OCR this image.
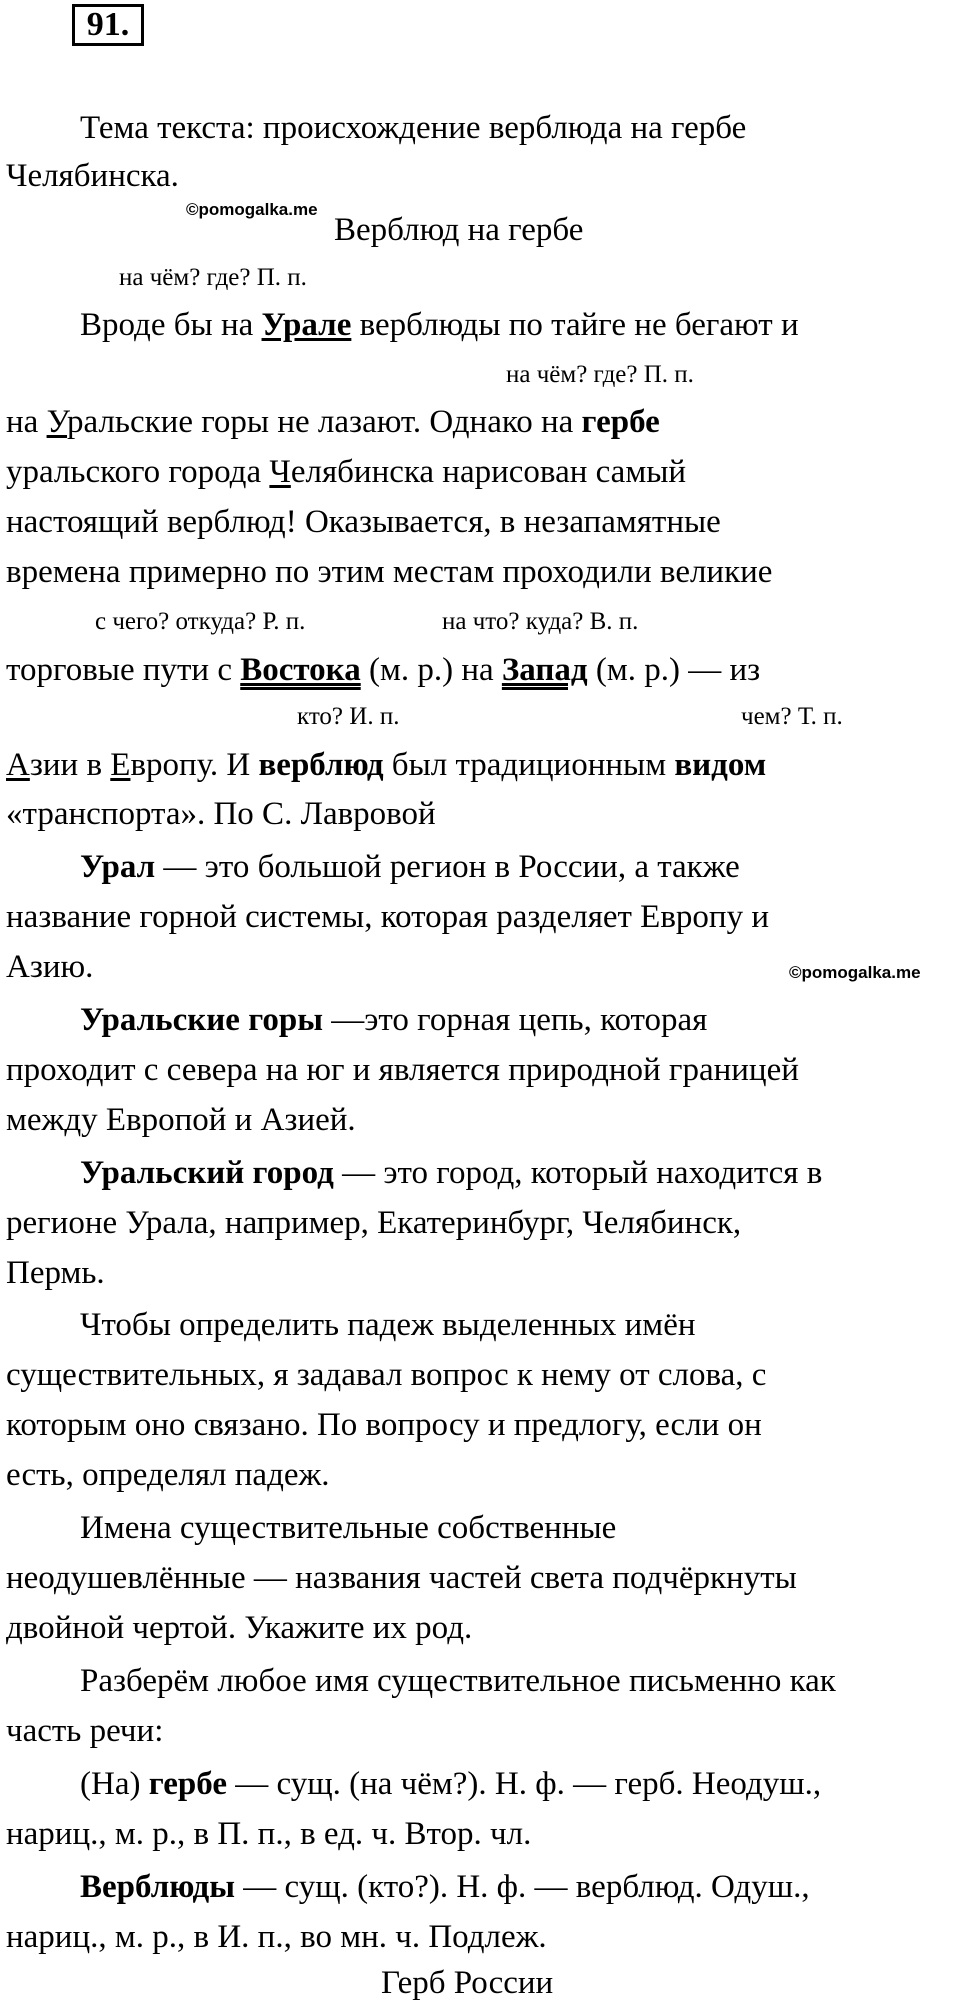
91.
Тема текста: происхождение верблюда на гербе
Челябинска.
©pomogalka.me
Верблюд на гербе
на чём? где? П. п.
Вроде бы на Урале верблюды по тайге не бегают и
на чём? где? П. п.
на Уральские горы не лазают. Однако на гербе
уральского города Челябинска нарисован самый
настоящий верблюд! Оказывается, в незапамятные
времена примерно по этим местам проходили великие
с чего? откуда? Р. п.	на что? куда? В. п.
торговые пути с Востока (м. р.) на Запад (м. р.) — из
кто? И. п.	чем? Т. п.
Азии в Европу. И верблюд был традиционным видом
«транспорта». По С. Лавровой
Урал — это большой регион в России, а также
название горной системы, которая разделяет Европу и
Азию.	©pomogalka.me
Уральские горы —это горная цепь, которая
проходит с севера на юг и является природной границей
между Европой и Азией.
Уральский город — это город, который находится в
регионе Урала, например, Екатеринбург, Челябинск,
Пермь.
Чтобы определить падеж выделенных имён
существительных, я задавал вопрос к нему от слова, с
которым оно связано. По вопросу и предлогу, если он
есть, определял падеж.
Имена существительные собственные
неодушевлённые — названия частей света подчёркнуты
двойной чертой. Укажите их род.
Разберём любое имя существительное письменно как
часть речи:
(На) гербе — сущ. (на чём?). Н. ф. — герб. Неодуш.,
нариц., м. р., в П. п., в ед. ч. Втор. чл.
Верблюды — сущ. (кто?). Н. ф. — верблюд. Одуш.,
нариц., м. р., в И. п., во мн. ч. Подлеж.
Герб России
